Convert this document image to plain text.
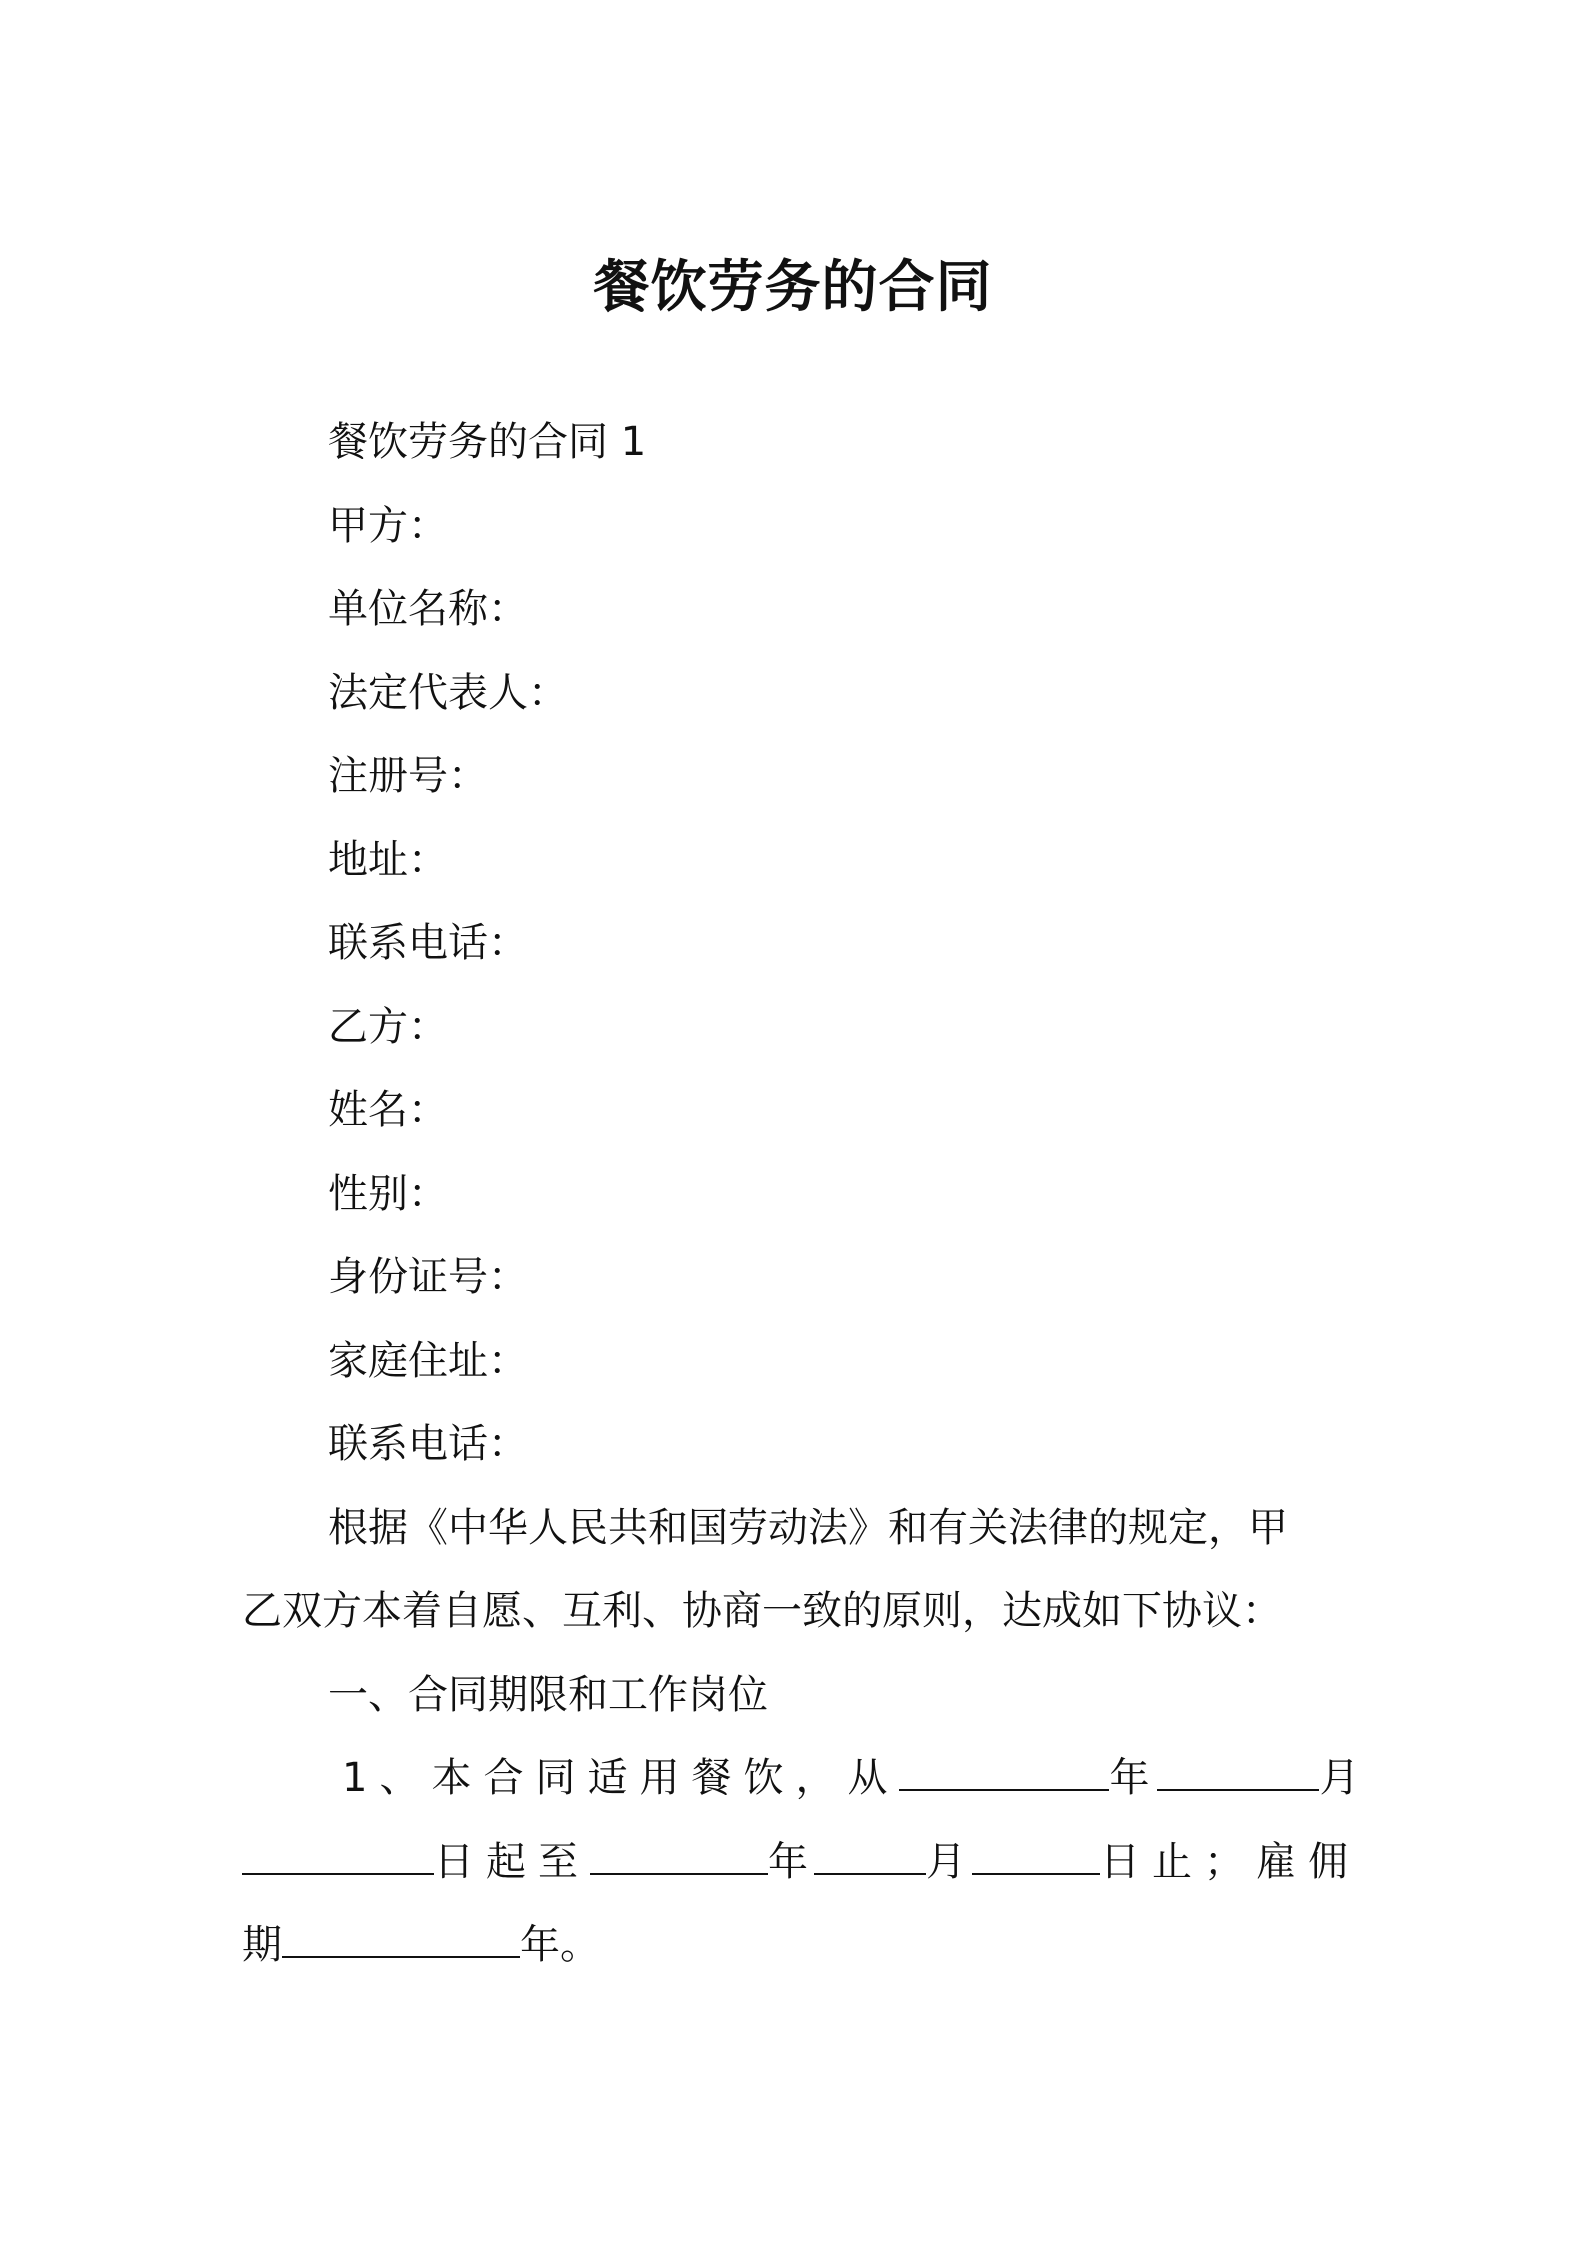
餐饮劳务的合同
餐饮劳务的合同 1
甲方：
单位名称：
法定代表人：
注册号：
地址：
联系电话：
乙方：
姓名：
性别：
身份证号：
家庭住址：
联系电话：
根据《中华人民共和国劳动法》和有关法律的规定，甲
乙双方本着自愿、互利、协商一致的原则，达成如下协议：
一、合同期限和工作岗位
1、本合同适用餐饮，从	年	月
日起至	年	月	日止；雇佣
期	年。
